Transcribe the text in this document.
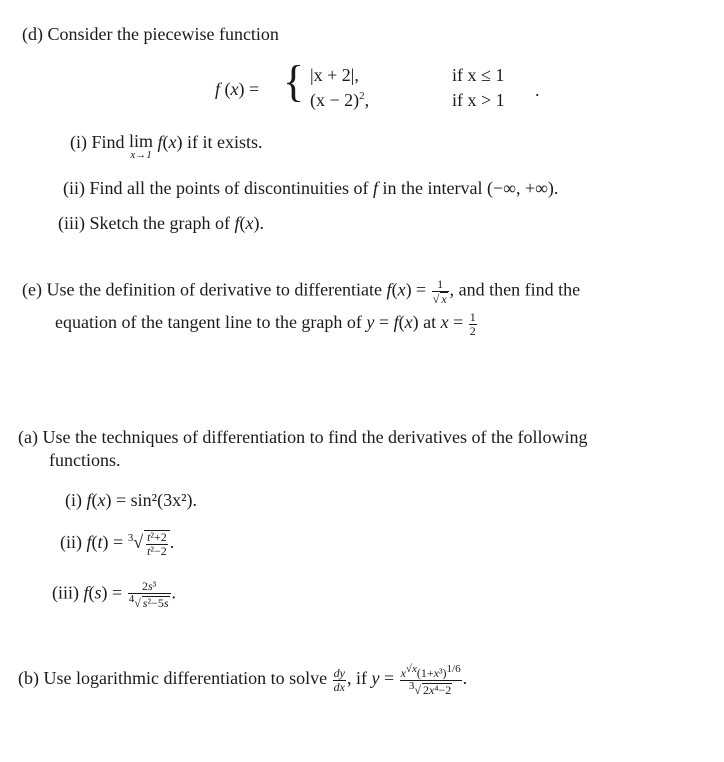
(d) Consider the piecewise function
f (x) = { |x + 2|,	if x ≤ 1
$(x - 2)^2$,	if x > 1 .
(i) Find lim
x→1
f(x) if it exists.
(ii) Find all the points of discontinuities of f in the interval (−∞, +∞).
(iii) Sketch the graph of f(x).
(e) Use the definition of derivative to differentiate $f(x) = \frac{1}{√ x}$ , and then find the
equation of the tangent line to the graph of y = f(x) at $x = \frac{1}{2}$
(a) Use the techniques of differentiation to find the derivatives of the following
functions.
(i) f(x) = sin²(3x²).
(ii) $f(t) = ^3√ \frac{\text{t²+2}}{\text{t²−2}}$ .
(iii) $f(s) = \frac{\text{2s³}}{^4√ s^2-5s}$ .
(b) Use logarithmic differentiation to solve $\frac{dy}{dx}$ , if $y = \frac{x^{√x}(1+x^3)^{1/6}}{^3√ 2x^4-2}$ .
